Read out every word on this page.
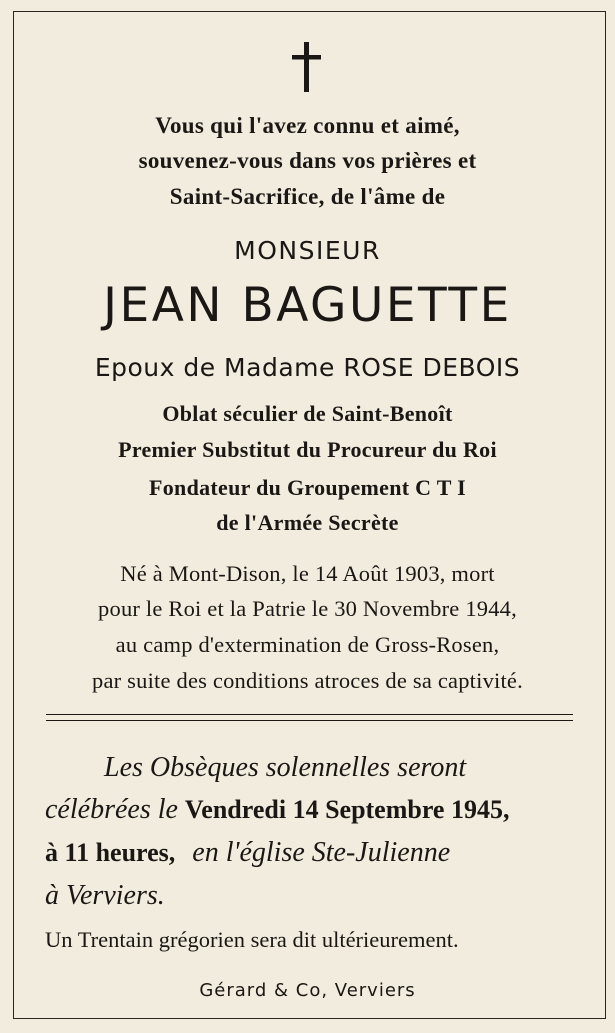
Vous qui l'avez connu et aimé,
souvenez-vous dans vos prières et
Saint-Sacrifice, de l'âme de
MONSIEUR
JEAN BAGUETTE
Epoux de Madame ROSE DEBOIS
Oblat séculier de Saint-Benoît
Premier Substitut du Procureur du Roi
Fondateur du Groupement C T I
de l'Armée Secrète
Né à Mont-Dison, le 14 Août 1903, mort
pour le Roi et la Patrie le 30 Novembre 1944,
au camp d'extermination de Gross-Rosen,
par suite des conditions atroces de sa captivité.
Les Obsèques solennelles seront
célébrées le Vendredi 14 Septembre 1945,
à 11 heures, en l'église Ste-Julienne
à Verviers.
Un Trentain grégorien sera dit ultérieurement.
Gérard & Co, Verviers
